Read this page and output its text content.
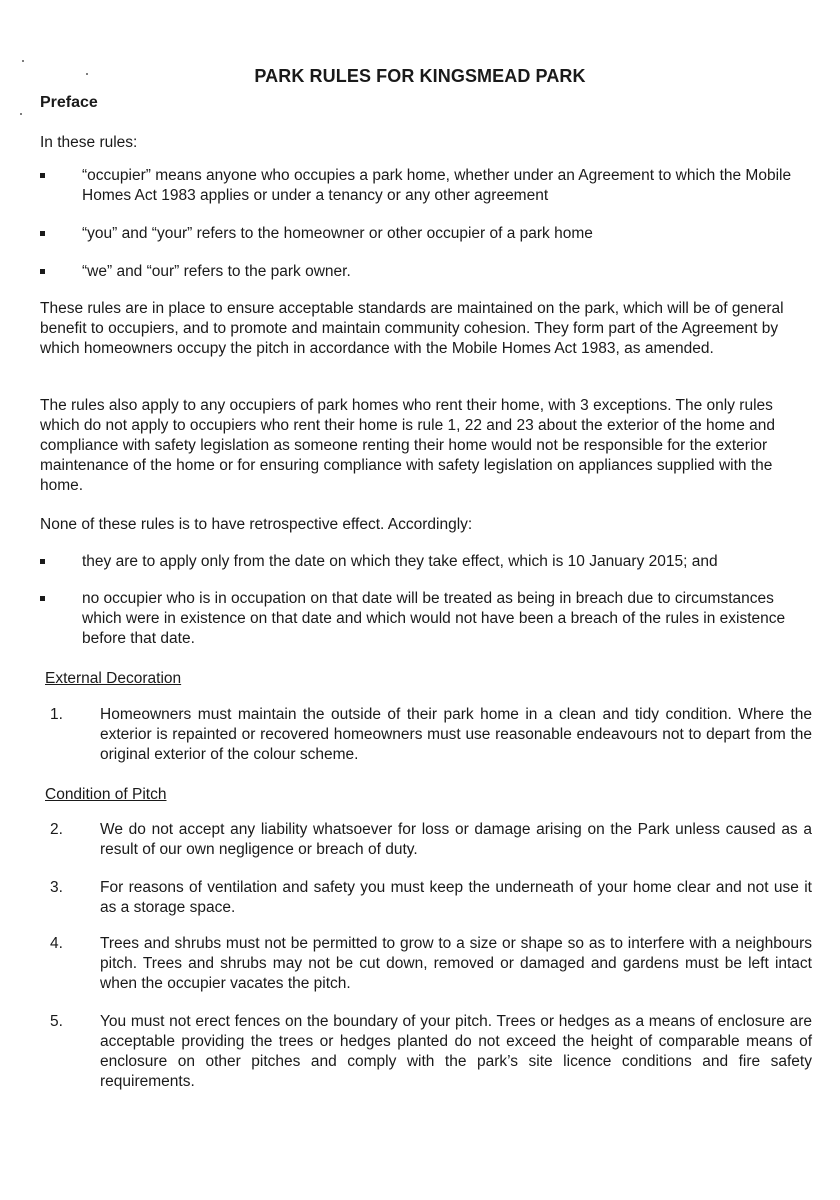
PARK RULES FOR KINGSMEAD PARK
Preface

In these rules:

“occupier” means anyone who occupies a park home, whether under an Agreement to which the Mobile Homes Act 1983 applies or under a tenancy or any other agreement
“you” and “your” refers to the homeowner or other occupier of a park home
“we” and “our” refers to the park owner.

These rules are in place to ensure acceptable standards are maintained on the park, which will be of general benefit to occupiers, and to promote and maintain community cohesion. They form part of the Agreement by which homeowners occupy the pitch in accordance with the Mobile Homes Act 1983, as amended.

The rules also apply to any occupiers of park homes who rent their home, with 3 exceptions. The only rules which do not apply to occupiers who rent their home is rule 1, 22 and 23 about the exterior of the home and compliance with safety legislation as someone renting their home would not be responsible for the exterior maintenance of the home or for ensuring compliance with safety legislation on appliances supplied with the home.

None of these rules is to have retrospective effect. Accordingly:

they are to apply only from the date on which they take effect, which is 10 January 2015; and
no occupier who is in occupation on that date will be treated as being in breach due to circumstances which were in existence on that date and which would not have been a breach of the rules in existence before that date.
External Decoration
1. Homeowners must maintain the outside of their park home in a clean and tidy condition. Where the exterior is repainted or recovered homeowners must use reasonable endeavours not to depart from the original exterior of the colour scheme.
Condition of Pitch
2. We do not accept any liability whatsoever for loss or damage arising on the Park unless caused as a result of our own negligence or breach of duty.
3. For reasons of ventilation and safety you must keep the underneath of your home clear and not use it as a storage space.
4. Trees and shrubs must not be permitted to grow to a size or shape so as to interfere with a neighbours pitch. Trees and shrubs may not be cut down, removed or damaged and gardens must be left intact when the occupier vacates the pitch.
5. You must not erect fences on the boundary of your pitch. Trees or hedges as a means of enclosure are acceptable providing the trees or hedges planted do not exceed the height of comparable means of enclosure on other pitches and comply with the park’s site licence conditions and fire safety requirements.
